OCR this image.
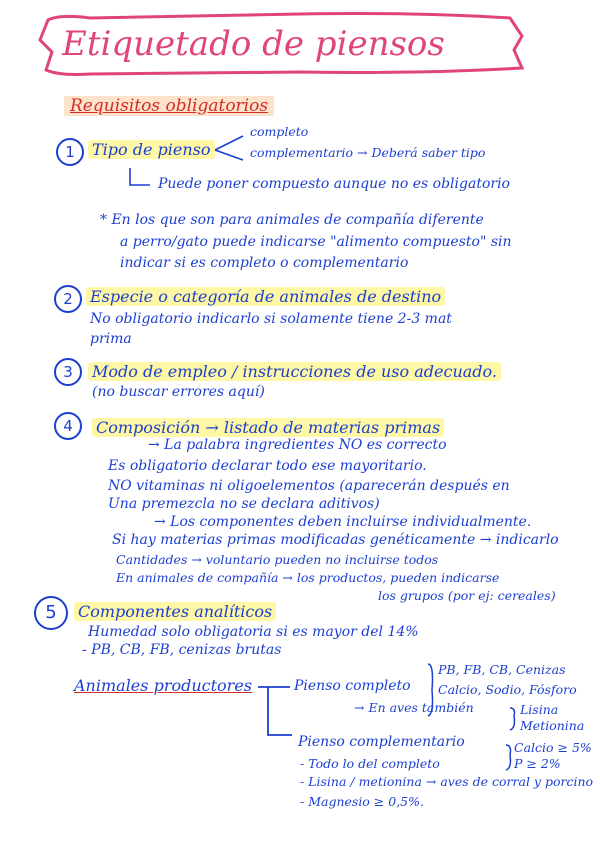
Etiquetado de piensos
Requisitos obligatorios
1	Tipo de pienso
completo
complementario → Deberá saber tipo
Puede poner compuesto aunque no es obligatorio
* En los que son para animales de compañía diferente
a perro/gato puede indicarse "alimento compuesto" sin
indicar si es completo o complementario
2	Especie o categoría de animales de destino
No obligatorio indicarlo si solamente tiene 2-3 mat
prima
3	Modo de empleo / instrucciones de uso adecuado.
(no buscar errores aquí)
4	Composición → listado de materias primas
→ La palabra ingredientes NO es correcto
Es obligatorio declarar todo ese mayoritario.
NO vitaminas ni oligoelementos (aparecerán después en
Una premezcla no se declara aditivos)
→ Los componentes deben incluirse individualmente.
Si hay materias primas modificadas genéticamente → indicarlo
Cantidades → voluntario pueden no incluirse todos
En animales de compañía → los productos, pueden indicarse
los grupos (por ej: cereales)
5	Componentes analíticos
Humedad solo obligatoria si es mayor del 14%
- PB, CB, FB, cenizas brutas
Animales productores	Pienso completo
PB, FB, CB, Cenizas
Calcio, Sodio, Fósforo
→ En aves también	Lisina
Metionina
Pienso complementario
- Todo lo del completo
Calcio ≥ 5%
P ≥ 2%
- Lisina / metionina → aves de corral y porcino
- Magnesio ≥ 0,5%.
